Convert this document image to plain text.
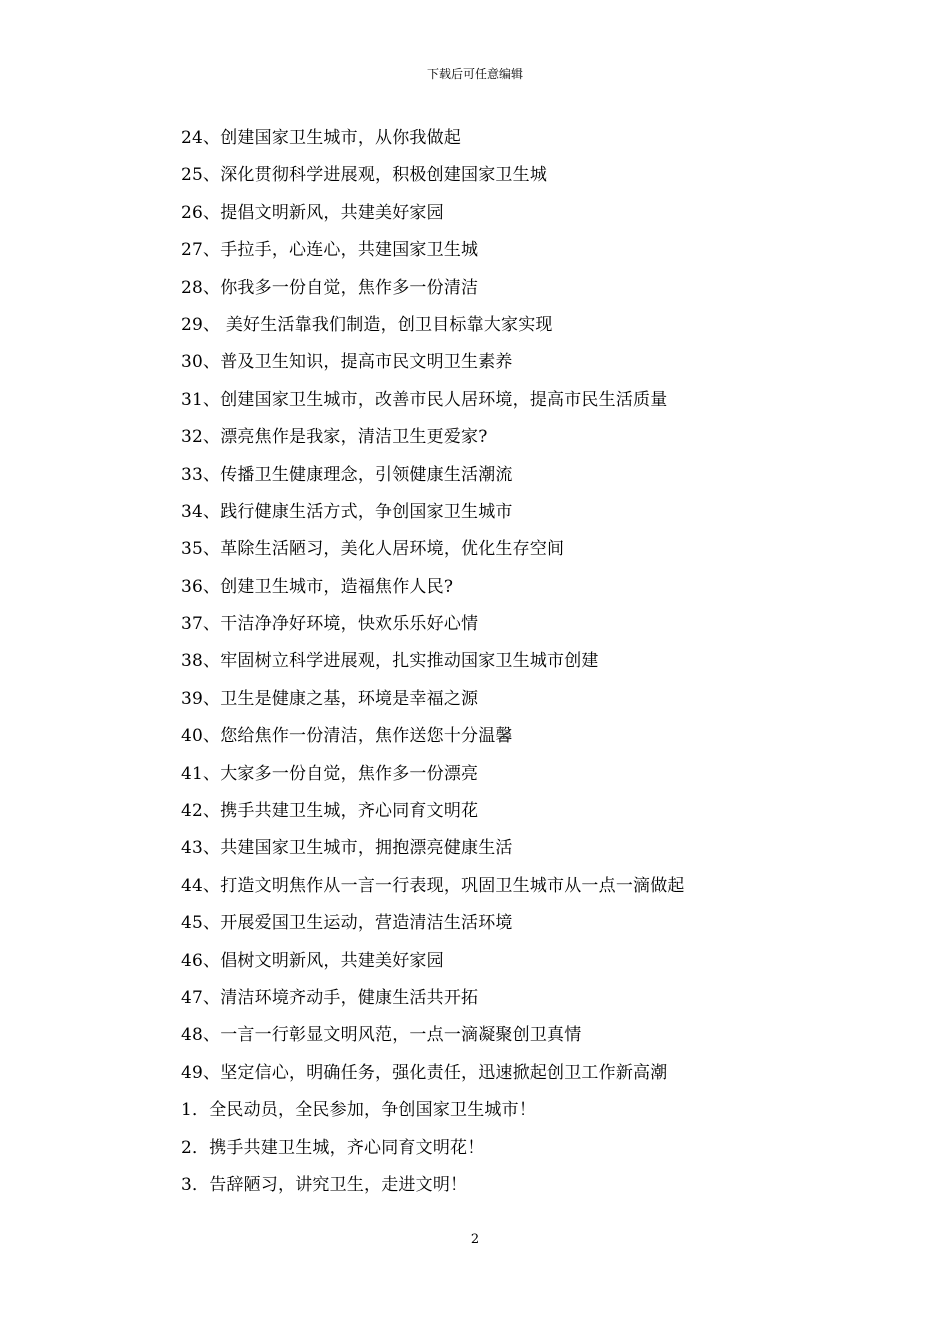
下载后可任意编辑
24、创建国家卫生城市，从你我做起
25、深化贯彻科学进展观，积极创建国家卫生城
26、提倡文明新风，共建美好家园
27、手拉手，心连心，共建国家卫生城
28、你我多一份自觉，焦作多一份清洁
29、 美好生活靠我们制造，创卫目标靠大家实现
30、普及卫生知识，提高市民文明卫生素养
31、创建国家卫生城市，改善市民人居环境，提高市民生活质量
32、漂亮焦作是我家，清洁卫生更爱家?
33、传播卫生健康理念，引领健康生活潮流
34、践行健康生活方式，争创国家卫生城市
35、革除生活陋习，美化人居环境，优化生存空间
36、创建卫生城市，造福焦作人民?
37、干洁净净好环境，快欢乐乐好心情
38、牢固树立科学进展观，扎实推动国家卫生城市创建
39、卫生是健康之基，环境是幸福之源
40、您给焦作一份清洁，焦作送您十分温馨
41、大家多一份自觉，焦作多一份漂亮
42、携手共建卫生城，齐心同育文明花
43、共建国家卫生城市，拥抱漂亮健康生活
44、打造文明焦作从一言一行表现，巩固卫生城市从一点一滴做起
45、开展爱国卫生运动，营造清洁生活环境
46、倡树文明新风，共建美好家园
47、清洁环境齐动手，健康生活共开拓
48、一言一行彰显文明风范，一点一滴凝聚创卫真情
49、坚定信心，明确任务，强化责任，迅速掀起创卫工作新高潮
1．全民动员，全民参加，争创国家卫生城市！
2．携手共建卫生城，齐心同育文明花！
3．告辞陋习，讲究卫生，走进文明！
2
